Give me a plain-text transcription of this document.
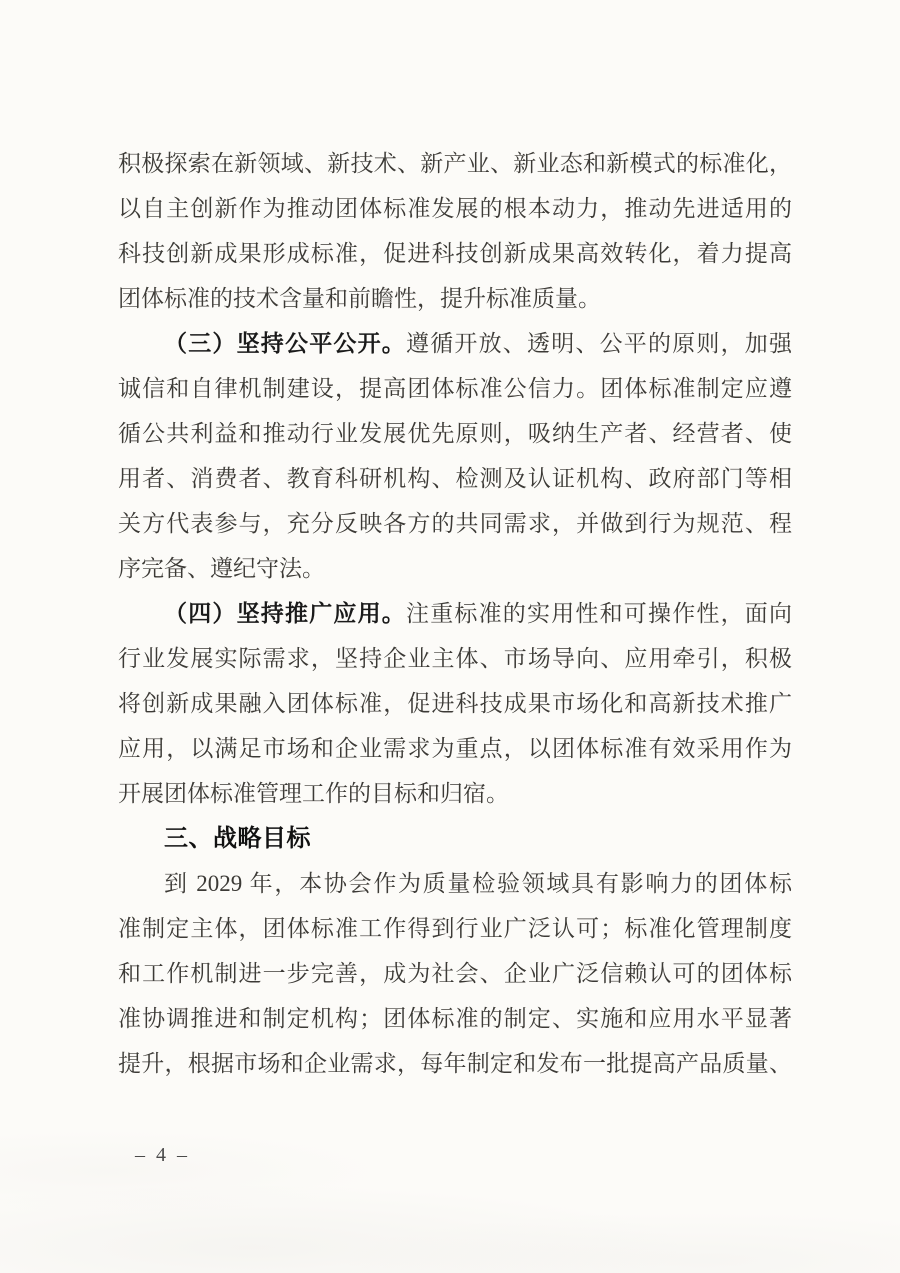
积极探索在新领域、新技术、新产业、新业态和新模式的标准化，
以自主创新作为推动团体标准发展的根本动力，推动先进适用的
科技创新成果形成标准，促进科技创新成果高效转化，着力提高
团体标准的技术含量和前瞻性，提升标准质量。
（三）坚持公平公开。遵循开放、透明、公平的原则，加强
诚信和自律机制建设，提高团体标准公信力。团体标准制定应遵
循公共利益和推动行业发展优先原则，吸纳生产者、经营者、使
用者、消费者、教育科研机构、检测及认证机构、政府部门等相
关方代表参与，充分反映各方的共同需求，并做到行为规范、程
序完备、遵纪守法。
（四）坚持推广应用。注重标准的实用性和可操作性，面向
行业发展实际需求，坚持企业主体、市场导向、应用牵引，积极
将创新成果融入团体标准，促进科技成果市场化和高新技术推广
应用，以满足市场和企业需求为重点，以团体标准有效采用作为
开展团体标准管理工作的目标和归宿。
三、战略目标
到 2029 年，本协会作为质量检验领域具有影响力的团体标
准制定主体，团体标准工作得到行业广泛认可；标准化管理制度
和工作机制进一步完善，成为社会、企业广泛信赖认可的团体标
准协调推进和制定机构；团体标准的制定、实施和应用水平显著
提升，根据市场和企业需求，每年制定和发布一批提高产品质量、
– 4 –
